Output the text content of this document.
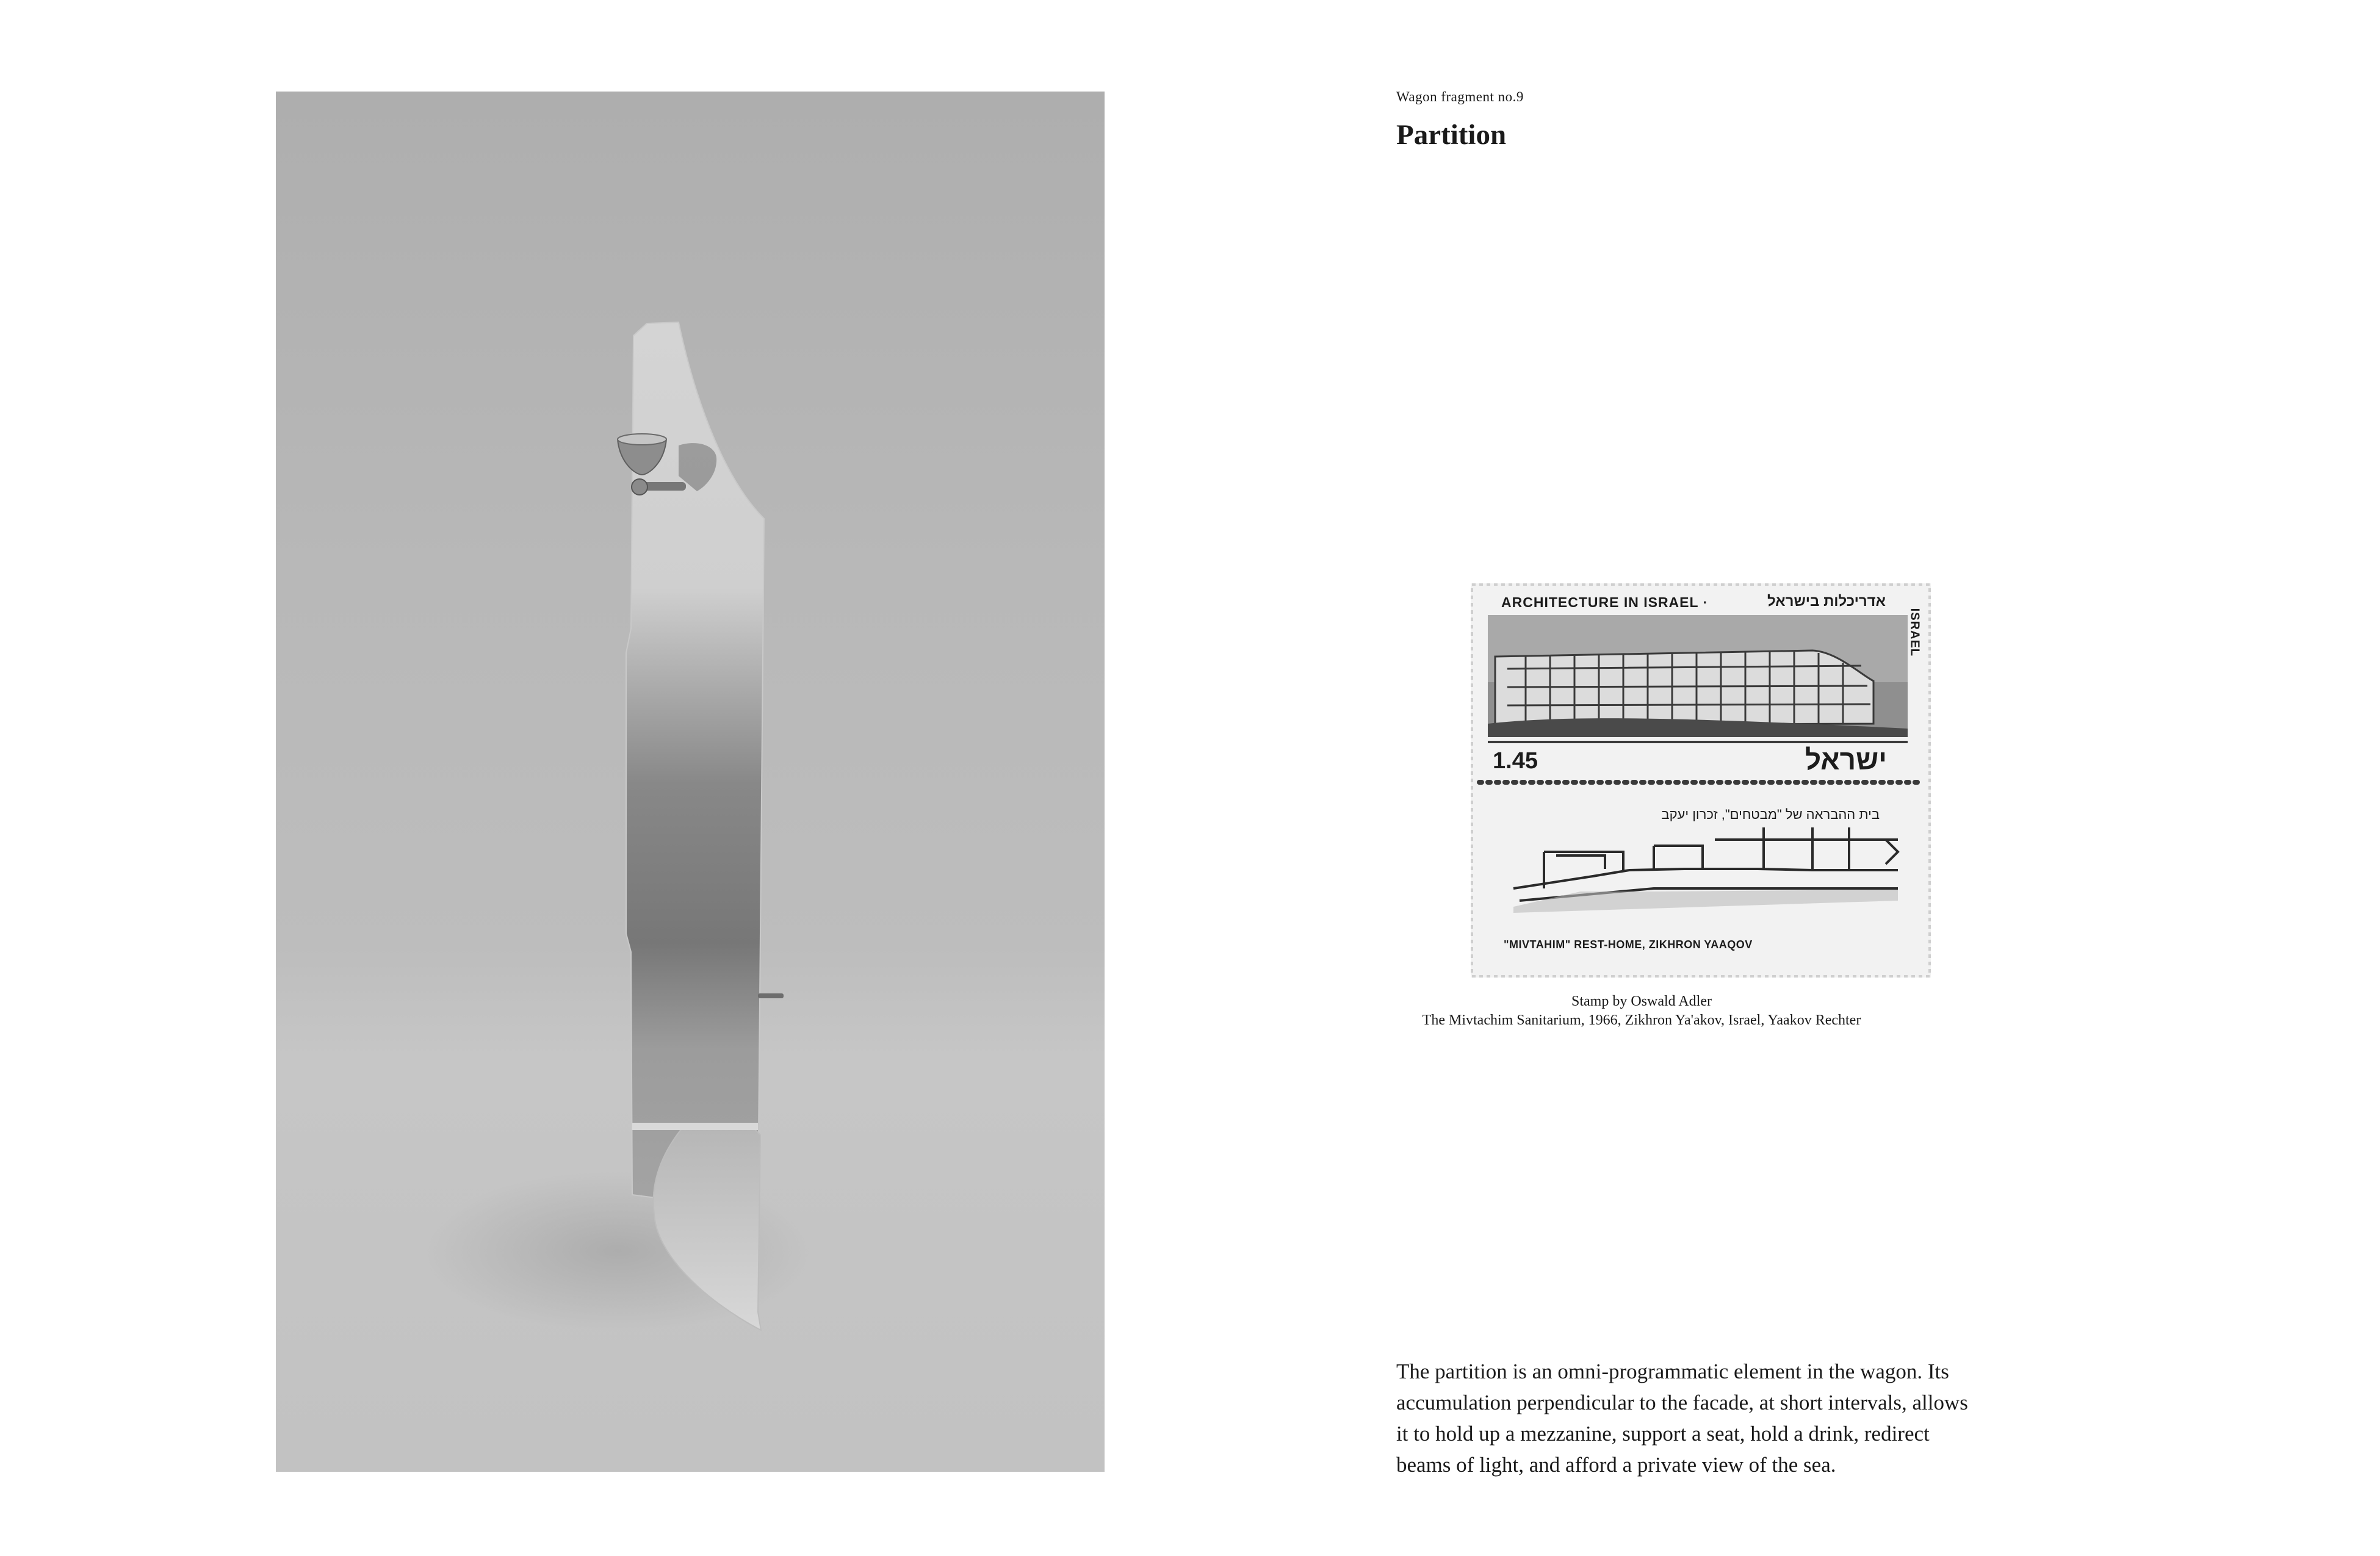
Wagon fragment no.9
Partition
ARCHITECTURE IN ISRAEL ·	אדריכלות בישראל
ISRAEL
1.45	ישראל
בית ההבראה של "מבטחים", זכרון יעקב
"MIVTAHIM" REST-HOME, ZIKHRON YAAQOV
Stamp by Oswald Adler
The Mivtachim Sanitarium, 1966, Zikhron Ya'akov, Israel, Yaakov Rechter
The partition is an omni-programmatic element in the wagon. Its
accumulation perpendicular to the facade, at short intervals, allows
it to hold up a mezzanine, support a seat, hold a drink, redirect
beams of light, and afford a private view of the sea.
